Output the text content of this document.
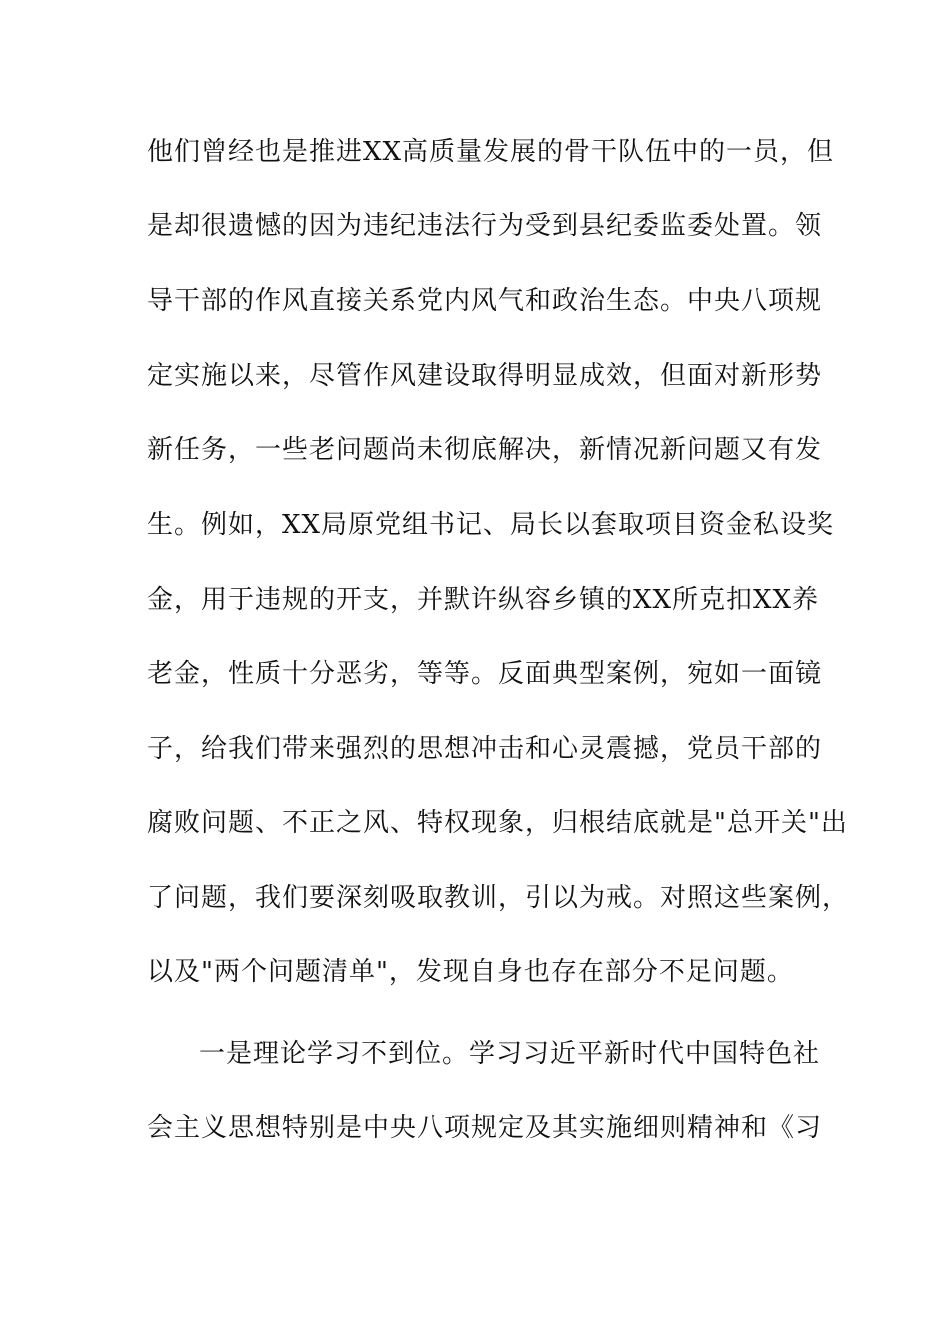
他们曾经也是推进XX高质量发展的骨干队伍中的一员，但
是却很遗憾的因为违纪违法行为受到县纪委监委处置。领
导干部的作风直接关系党内风气和政治生态。中央八项规
定实施以来，尽管作风建设取得明显成效，但面对新形势
新任务，一些老问题尚未彻底解决，新情况新问题又有发
生。例如，XX局原党组书记、局长以套取项目资金私设奖
金，用于违规的开支，并默许纵容乡镇的XX所克扣XX养
老金，性质十分恶劣，等等。反面典型案例，宛如一面镜
子，给我们带来强烈的思想冲击和心灵震撼，党员干部的
腐败问题、不正之风、特权现象，归根结底就是"总开关"出
了问题，我们要深刻吸取教训，引以为戒。对照这些案例，
以及"两个问题清单"，发现自身也存在部分不足问题。
一是理论学习不到位。学习习近平新时代中国特色社
会主义思想特别是中央八项规定及其实施细则精神和《习
